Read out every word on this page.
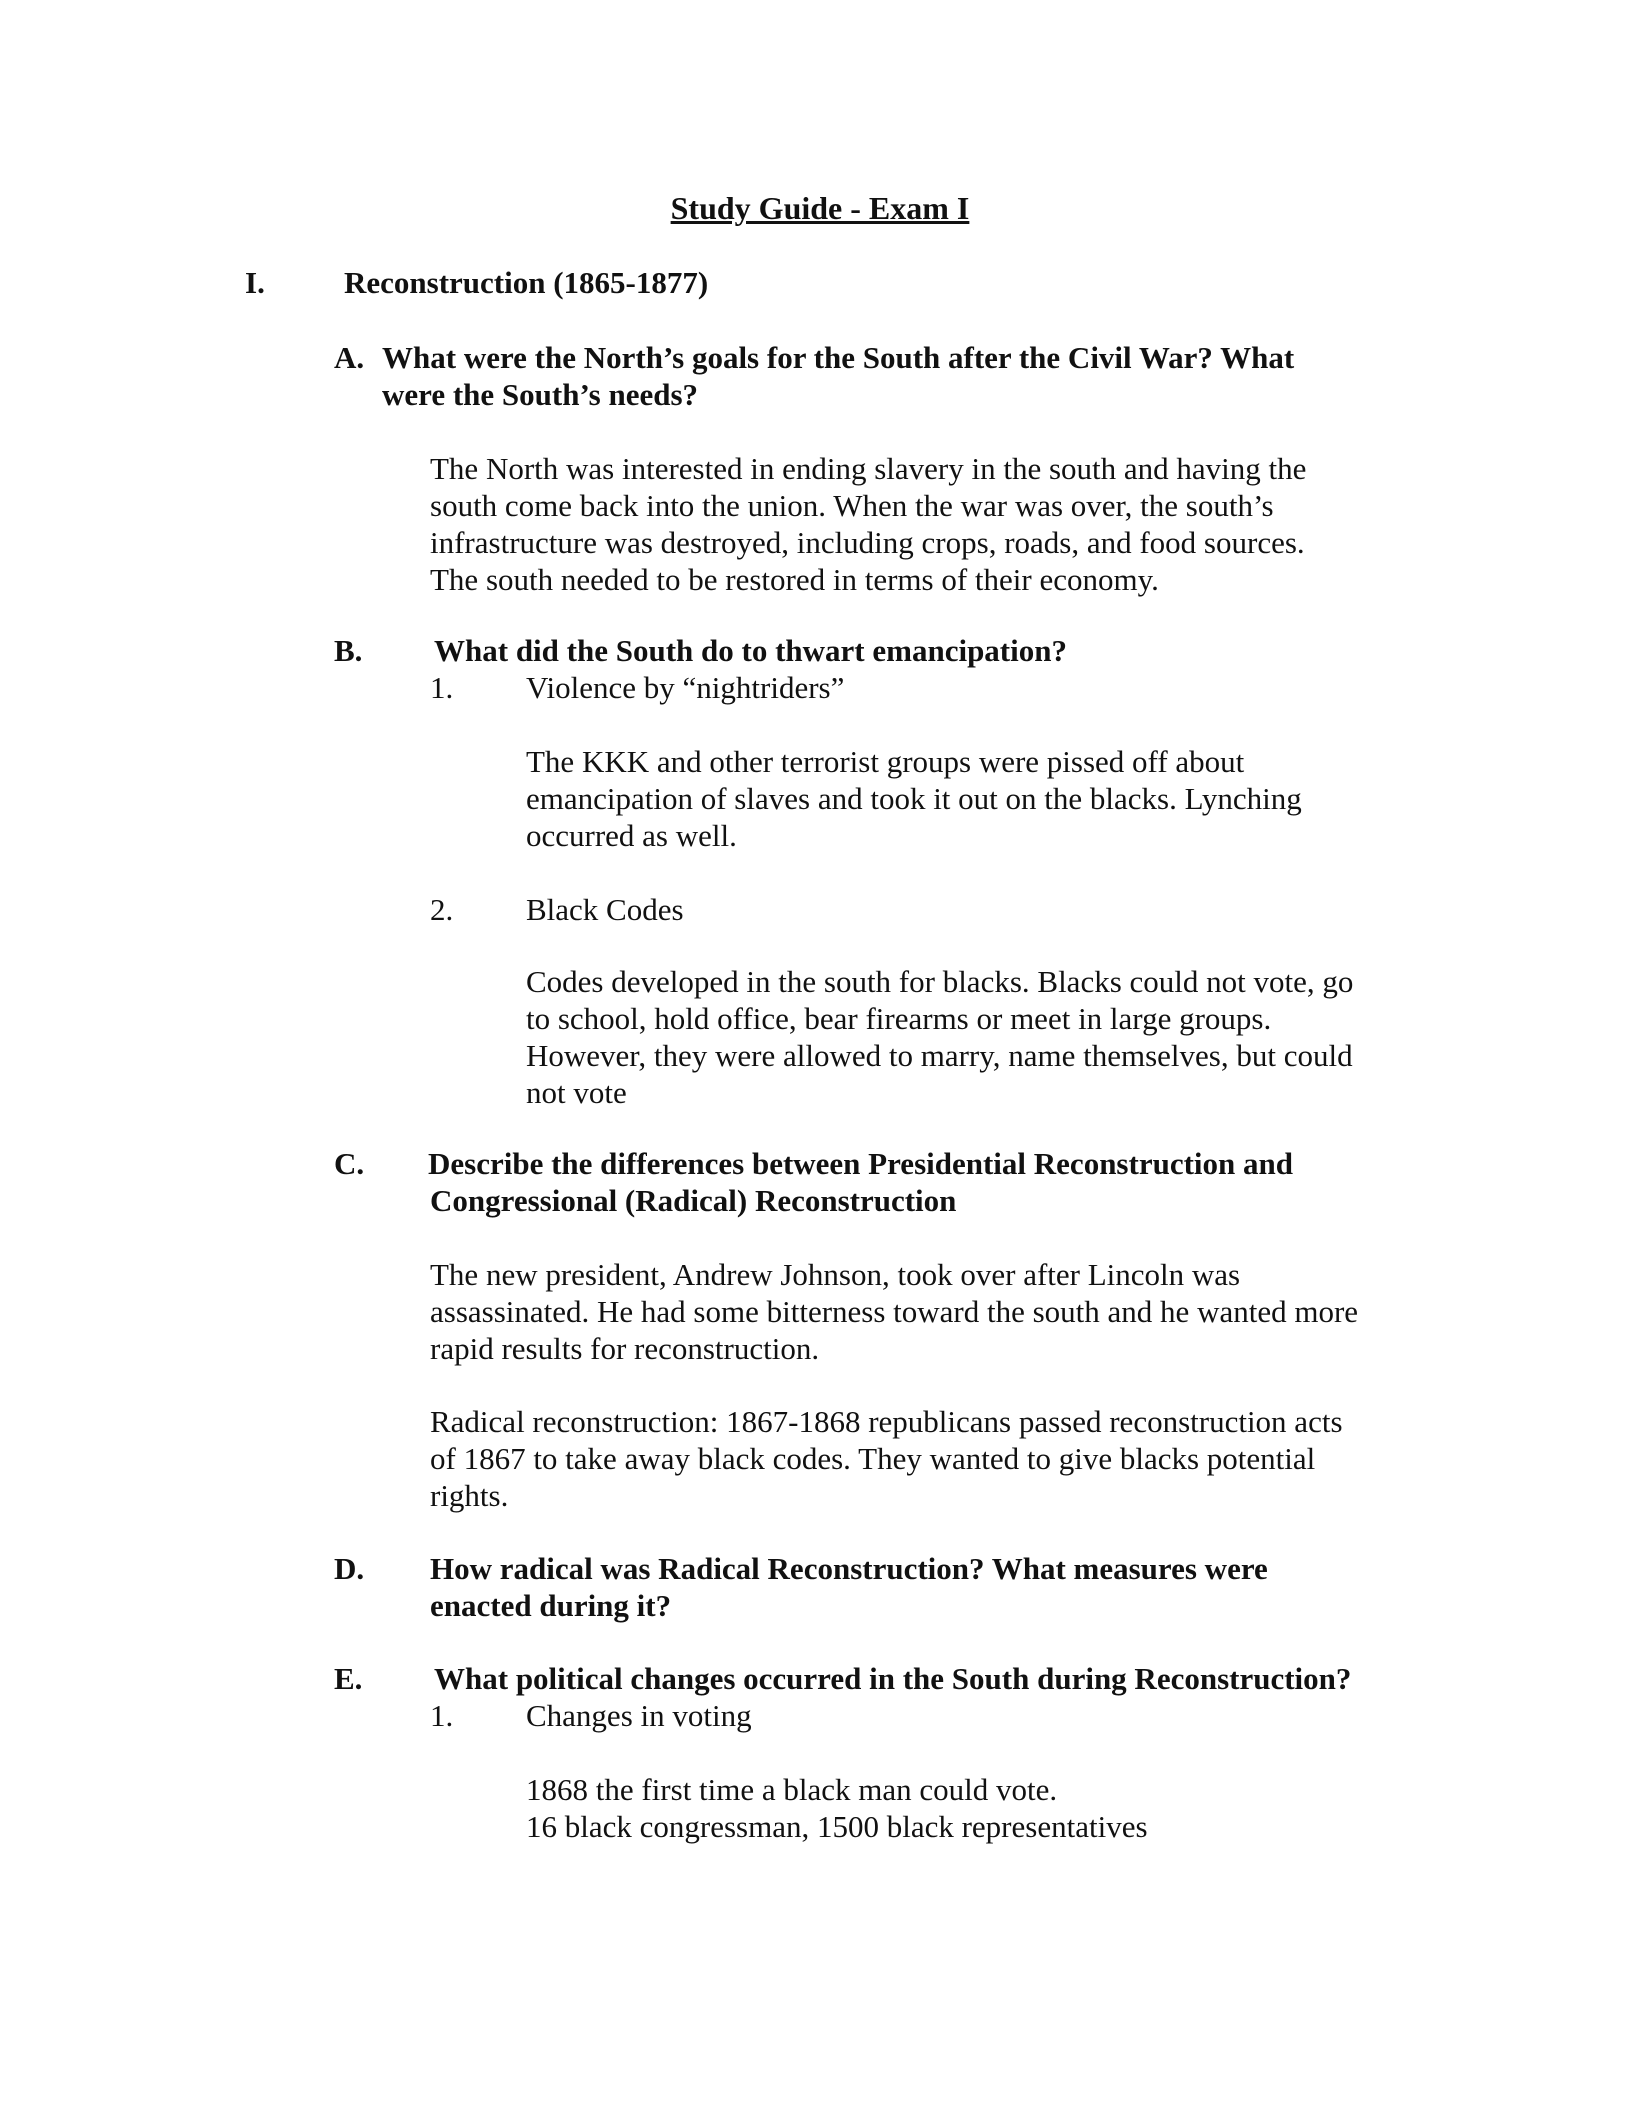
Study Guide - Exam I
I.	Reconstruction (1865-1877)
A. What were the North’s goals for the South after the Civil War? What
were the South’s needs?
The North was interested in ending slavery in the south and having the
south come back into the union. When the war was over, the south’s
infrastructure was destroyed, including crops, roads, and food sources.
The south needed to be restored in terms of their economy.
B. What did the South do to thwart emancipation?
1. Violence by “nightriders”
The KKK and other terrorist groups were pissed off about
emancipation of slaves and took it out on the blacks. Lynching
occurred as well.
2. Black Codes
Codes developed in the south for blacks. Blacks could not vote, go
to school, hold office, bear firearms or meet in large groups.
However, they were allowed to marry, name themselves, but could
not vote
C. Describe the differences between Presidential Reconstruction and
Congressional (Radical) Reconstruction
The new president, Andrew Johnson, took over after Lincoln was
assassinated. He had some bitterness toward the south and he wanted more
rapid results for reconstruction.
Radical reconstruction: 1867-1868 republicans passed reconstruction acts
of 1867 to take away black codes. They wanted to give blacks potential
rights.
D. How radical was Radical Reconstruction? What measures were
enacted during it?
E. What political changes occurred in the South during Reconstruction?
1. Changes in voting
1868 the first time a black man could vote.
16 black congressman, 1500 black representatives
